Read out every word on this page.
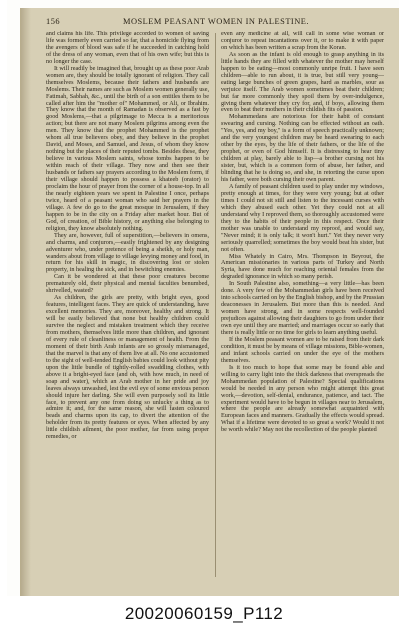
156	MOSLEM PEASANT WOMEN IN PALESTINE.

and claims his life. This privilege accorded to women of saving life was formerly even carried so far, that a homicide flying from the avengers of blood was safe if he succeeded in catching hold of the dress of any woman, even that of his own wife; but this is no longer the case.

It will readily be imagined that, brought up as these poor Arab women are, they should be totally ignorant of religion. They call themselves Moslems, because their fathers and husbands are Moslems. Their names are such as Moslem women generally use, Fatimah, Sabhah, &c., until the birth of a son entitles them to be called after him the "mother of" Mohammed, or Ali, or Ibrahim. They know that the month of Ramadan is observed as a fast by good Moslems,—that a pilgrimage to Mecca is a meritorious action; but there are not many Moslem pilgrims among even the men. They know that the prophet Mohammed is the prophet whom all true believers obey, and they believe in the prophet David, and Moses, and Samuel, and Jesus, of whom they know nothing but the places of their reputed tombs. Besides these, they believe in various Moslem saints, whose tombs happen to be within reach of their village. They now and then see their husbands or fathers say prayers according to the Moslem form, if their village should happen to possess a khateeb (orator) to proclaim the hour of prayer from the corner of a house-top. In all the nearly eighteen years we spent in Palestine I once, perhaps twice, heard of a peasant woman who said her prayers in the village. A few do go to the great mosque in Jerusalem, if they happen to be in the city on a Friday after market hour. But of God, of creation, of Bible history, or anything else belonging to religion, they know absolutely nothing.

They are, however, full of superstition,—believers in omens, and charms, and conjurors,—easily frightened by any designing adventurer who, under pretence of being a sheikh, or holy man, wanders about from village to village levying money and food, in return for his skill in magic, in discovering lost or stolen property, in healing the sick, and in bewitching enemies.

Can it be wondered at that these poor creatures become prematurely old, their physical and mental faculties benumbed, shrivelled, wasted?

As children, the girls are pretty, with bright eyes, good features, intelligent faces. They are quick of understanding, have excellent memories. They are, moreover, healthy and strong. It will be easily believed that none but healthy children could survive the neglect and mistaken treatment which they receive from mothers, themselves little more than children, and ignorant of every rule of cleanliness or management of health. From the moment of their birth Arab infants are so grossly mismanaged, that the marvel is that any of them live at all. No one accustomed to the sight of well-tended English babies could look without pity upon the little bundle of tightly-rolled swaddling clothes, with above it a bright-eyed face (and oh, with how much, in need of soap and water), which an Arab mother in her pride and joy leaves always unwashed, lest the evil eye of some envious person should injure her darling. She will even purposely soil its little face, to prevent any one from doing so unlucky a thing as to admire it; and, for the same reason, she will fasten coloured beads and charms upon its cap, to divert the attention of the beholder from its pretty features or eyes. When affected by any little childish ailment, the poor mother, far from using proper remedies, or

even any medicine at all, will call in some wise woman or conjuror to repeat incantations over it, or to make it with paper on which has been written a scrap from the Koran.

As soon as the infant is old enough to grasp anything in its little hands they are filled with whatever the mother may herself happen to be eating—most commonly unripe fruit. I have seen children—able to run about, it is true, but still very young—eating large bunches of green grapes, hard as marbles, sour as verjuice itself. The Arab women sometimes beat their children; but far more commonly they spoil them by over-indulgence, giving them whatever they cry for, and, if boys, allowing them even to beat their mothers in their childish fits of passion.

Mohammedans are notorious for their habit of constant swearing and cursing. Nothing can be effected without an oath. "Yes, yes, and my boy," is a form of speech practically unknown; and the very youngest children may be heard swearing to each other by the eyes, by the life of their fathers, or the life of the prophet, or even of God himself. It is distressing to hear tiny children at play, barely able to lisp—a brother cursing not his sister, but, which is a common form of abuse, her father, and blinding that he is doing so, and she, in retorting the curse upon his father, were both cursing their own parent.

A family of peasant children used to play under my windows, pretty enough at times, for they were very young; but at other times I could not sit still and listen to the incessant curses with which they abused each other. Yet they could not at all understand why I reproved them, so thoroughly accustomed were they to the habits of their people in this respect. Once their mother was unable to understand my reproof, and would say, "Never mind; it is only talk; it won't hurt." Yet they never very seriously quarrelled; sometimes the boy would beat his sister, but not often.

Miss Whately in Cairo, Mrs. Thompson in Beyrout, the American missionaries in various parts of Turkey and North Syria, have done much for reaching oriental females from the degraded ignorance in which so many perish.

In South Palestine also, something—a very little—has been done. A very few of the Mohammedan girls have been received into schools carried on by the English bishop, and by the Prussian deaconesses in Jerusalem. But more than this is needed. And women have strong, and in some respects well-founded prejudices against allowing their daughters to go from under their own eye until they are married; and marriages occur so early that there is really little or no time for girls to learn anything useful.

If the Moslem peasant women are to be raised from their dark condition, it must be by means of village missions, Bible-women, and infant schools carried on under the eye of the mothers themselves.

Is it too much to hope that some may be found able and willing to carry light into the thick darkness that overspreads the Mohammedan population of Palestine? Special qualifications would be needed in any person who might attempt this great work,—devotion, self-denial, endurance, patience, and tact. The experiment would have to be begun in villages near to Jerusalem, where the people are already somewhat acquainted with European faces and manners. Gradually the effects would spread. What if a lifetime were devoted to so great a work? Would it not be worth while? May not the recollection of the people planted

20020060159_P112
